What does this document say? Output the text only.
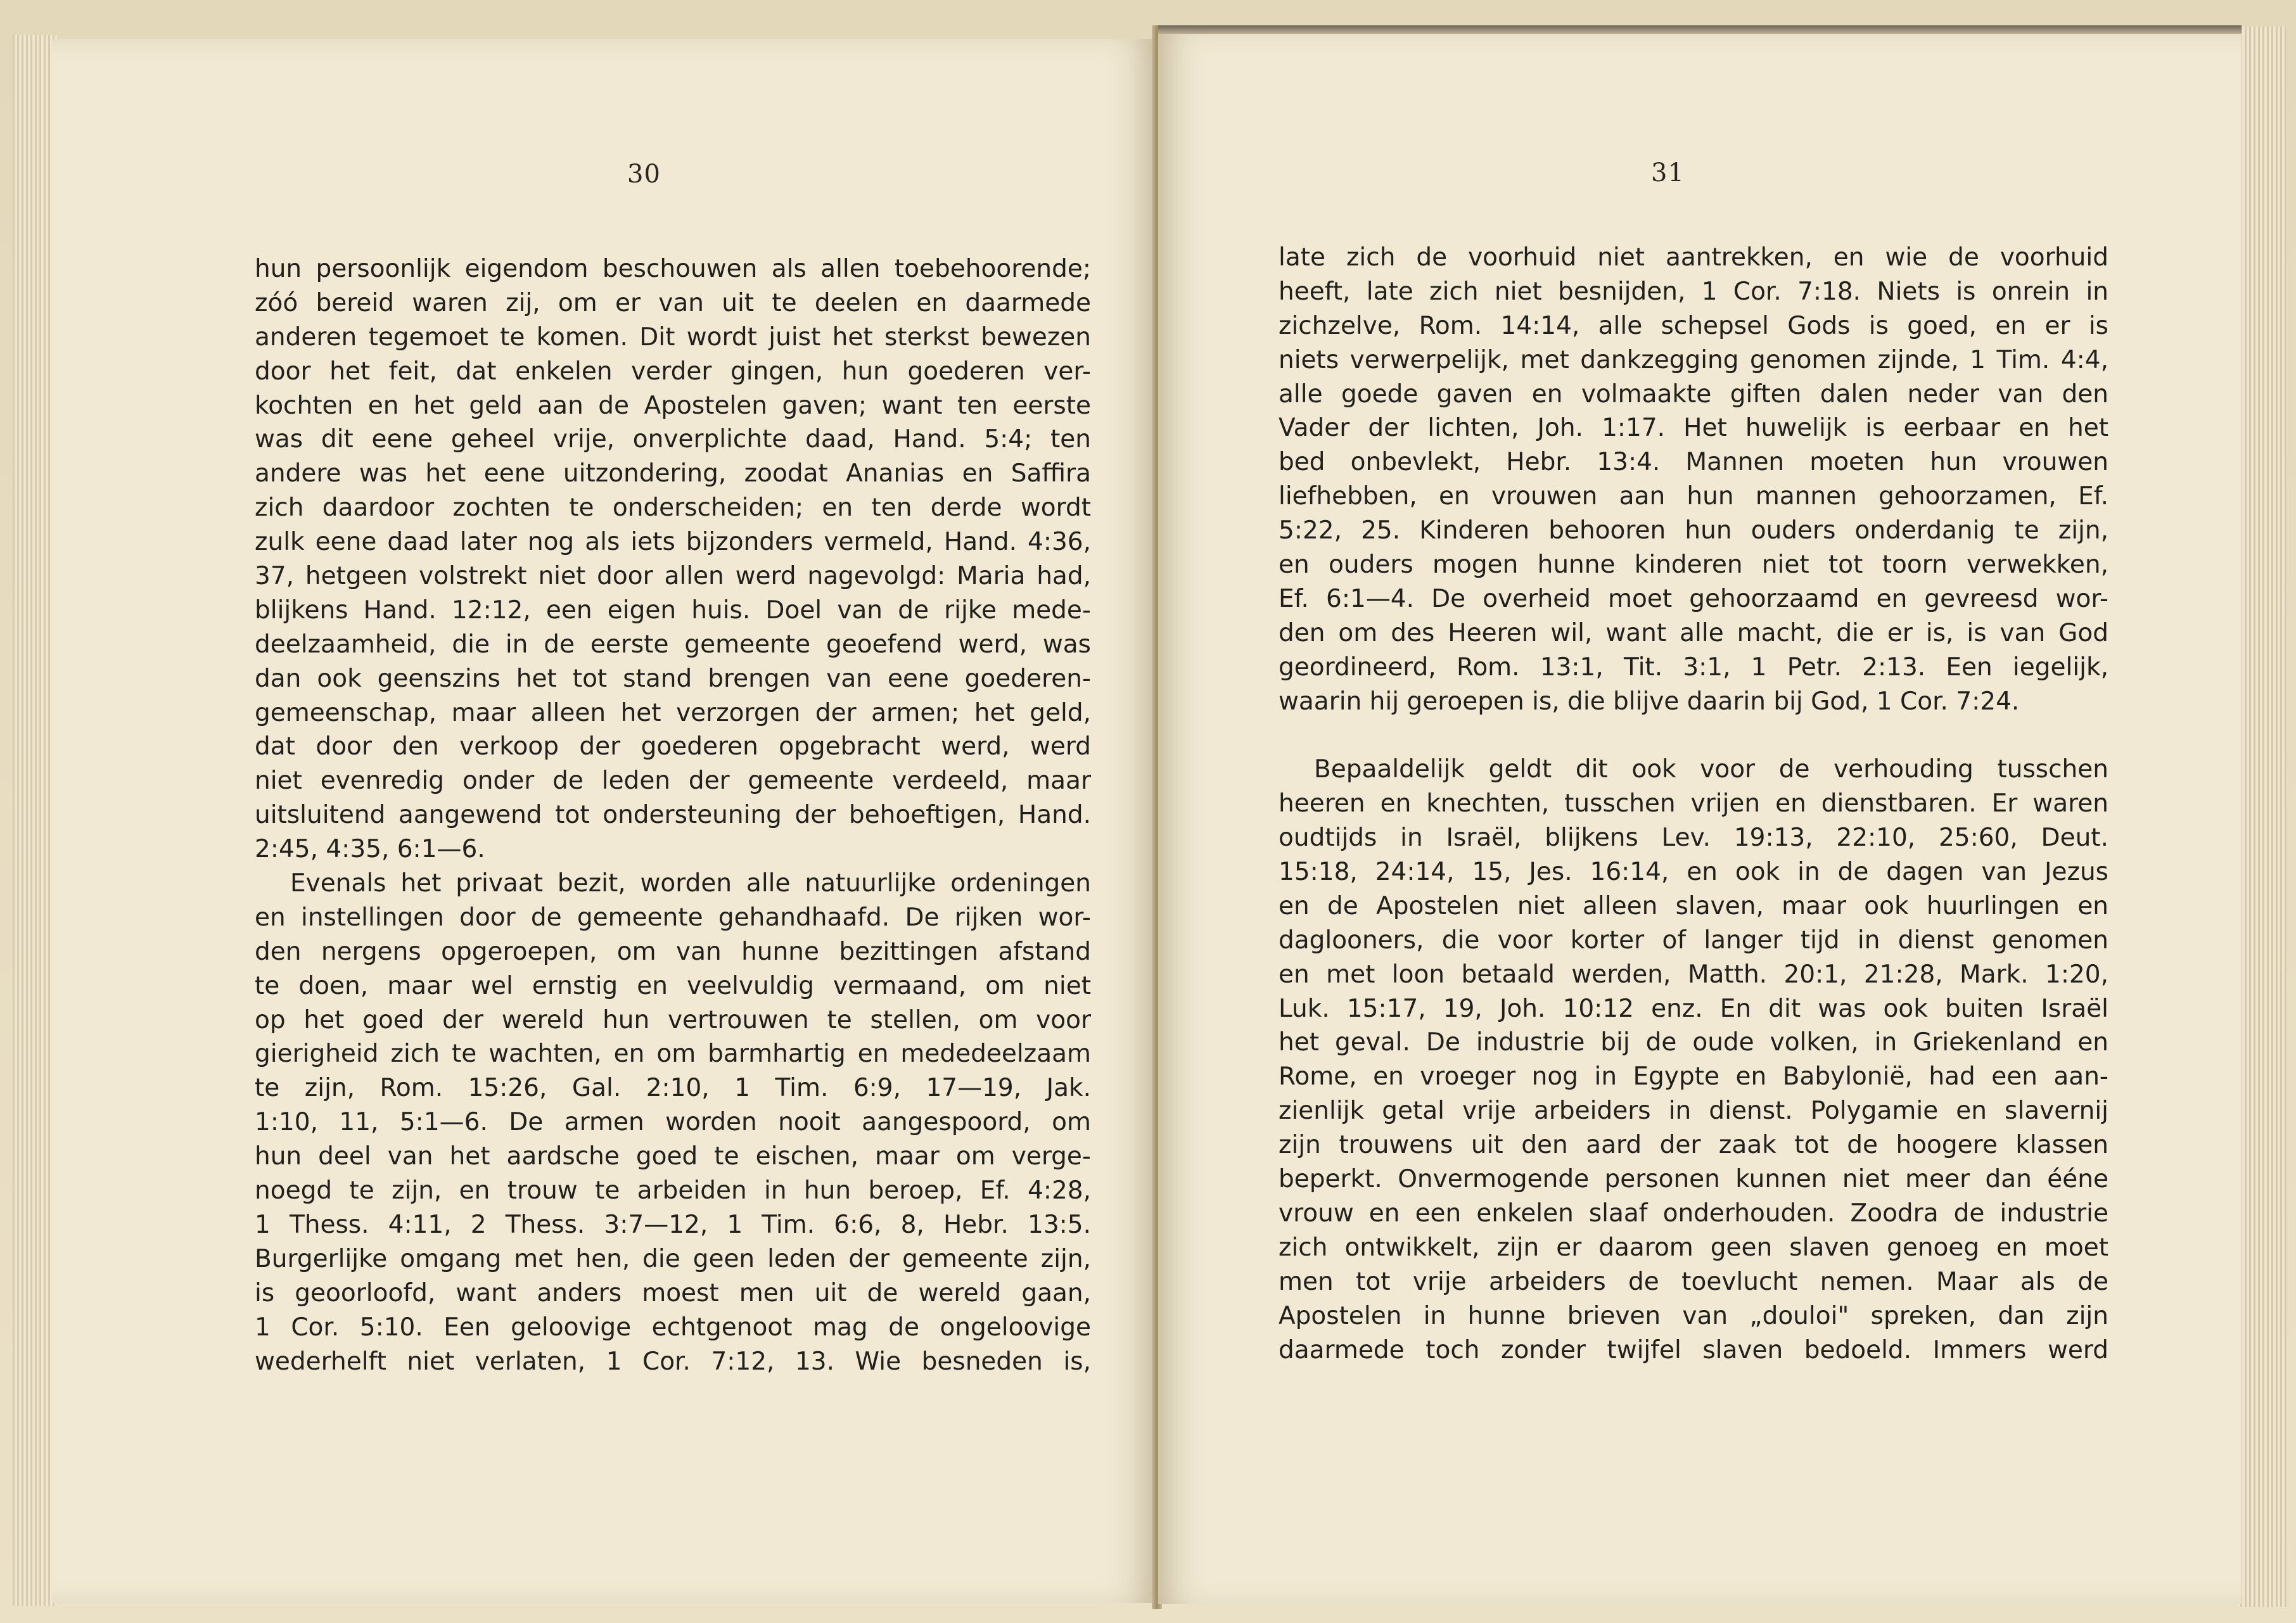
30
hun persoonlijk eigendom beschouwen als allen toebehoorende;
zóó bereid waren zij, om er van uit te deelen en daarmede
anderen tegemoet te komen. Dit wordt juist het sterkst bewezen
door het feit, dat enkelen verder gingen, hun goederen ver-
kochten en het geld aan de Apostelen gaven; want ten eerste
was dit eene geheel vrije, onverplichte daad, Hand. 5:4; ten
andere was het eene uitzondering, zoodat Ananias en Saffira
zich daardoor zochten te onderscheiden; en ten derde wordt
zulk eene daad later nog als iets bijzonders vermeld, Hand. 4:36,
37, hetgeen volstrekt niet door allen werd nagevolgd: Maria had,
blijkens Hand. 12:12, een eigen huis. Doel van de rijke mede-
deelzaamheid, die in de eerste gemeente geoefend werd, was
dan ook geenszins het tot stand brengen van eene goederen-
gemeenschap, maar alleen het verzorgen der armen; het geld,
dat door den verkoop der goederen opgebracht werd, werd
niet evenredig onder de leden der gemeente verdeeld, maar
uitsluitend aangewend tot ondersteuning der behoeftigen, Hand.
2:45, 4:35, 6:1—6.
Evenals het privaat bezit, worden alle natuurlijke ordeningen
en instellingen door de gemeente gehandhaafd. De rijken wor-
den nergens opgeroepen, om van hunne bezittingen afstand
te doen, maar wel ernstig en veelvuldig vermaand, om niet
op het goed der wereld hun vertrouwen te stellen, om voor
gierigheid zich te wachten, en om barmhartig en mededeelzaam
te zijn, Rom. 15:26, Gal. 2:10, 1 Tim. 6:9, 17—19, Jak.
1:10, 11, 5:1—6. De armen worden nooit aangespoord, om
hun deel van het aardsche goed te eischen, maar om verge-
noegd te zijn, en trouw te arbeiden in hun beroep, Ef. 4:28,
1 Thess. 4:11, 2 Thess. 3:7—12, 1 Tim. 6:6, 8, Hebr. 13:5.
Burgerlijke omgang met hen, die geen leden der gemeente zijn,
is geoorloofd, want anders moest men uit de wereld gaan,
1 Cor. 5:10. Een geloovige echtgenoot mag de ongeloovige
wederhelft niet verlaten, 1 Cor. 7:12, 13. Wie besneden is,
31
late zich de voorhuid niet aantrekken, en wie de voorhuid
heeft, late zich niet besnijden, 1 Cor. 7:18. Niets is onrein in
zichzelve, Rom. 14:14, alle schepsel Gods is goed, en er is
niets verwerpelijk, met dankzegging genomen zijnde, 1 Tim. 4:4,
alle goede gaven en volmaakte giften dalen neder van den
Vader der lichten, Joh. 1:17. Het huwelijk is eerbaar en het
bed onbevlekt, Hebr. 13:4. Mannen moeten hun vrouwen
liefhebben, en vrouwen aan hun mannen gehoorzamen, Ef.
5:22, 25. Kinderen behooren hun ouders onderdanig te zijn,
en ouders mogen hunne kinderen niet tot toorn verwekken,
Ef. 6:1—4. De overheid moet gehoorzaamd en gevreesd wor-
den om des Heeren wil, want alle macht, die er is, is van God
geordineerd, Rom. 13:1, Tit. 3:1, 1 Petr. 2:13. Een iegelijk,
waarin hij geroepen is, die blijve daarin bij God, 1 Cor. 7:24.
Bepaaldelijk geldt dit ook voor de verhouding tusschen
heeren en knechten, tusschen vrijen en dienstbaren. Er waren
oudtijds in Israël, blijkens Lev. 19:13, 22:10, 25:60, Deut.
15:18, 24:14, 15, Jes. 16:14, en ook in de dagen van Jezus
en de Apostelen niet alleen slaven, maar ook huurlingen en
daglooners, die voor korter of langer tijd in dienst genomen
en met loon betaald werden, Matth. 20:1, 21:28, Mark. 1:20,
Luk. 15:17, 19, Joh. 10:12 enz. En dit was ook buiten Israël
het geval. De industrie bij de oude volken, in Griekenland en
Rome, en vroeger nog in Egypte en Babylonië, had een aan-
zienlijk getal vrije arbeiders in dienst. Polygamie en slavernij
zijn trouwens uit den aard der zaak tot de hoogere klassen
beperkt. Onvermogende personen kunnen niet meer dan ééne
vrouw en een enkelen slaaf onderhouden. Zoodra de industrie
zich ontwikkelt, zijn er daarom geen slaven genoeg en moet
men tot vrije arbeiders de toevlucht nemen. Maar als de
Apostelen in hunne brieven van „douloi" spreken, dan zijn
daarmede toch zonder twijfel slaven bedoeld. Immers werd
